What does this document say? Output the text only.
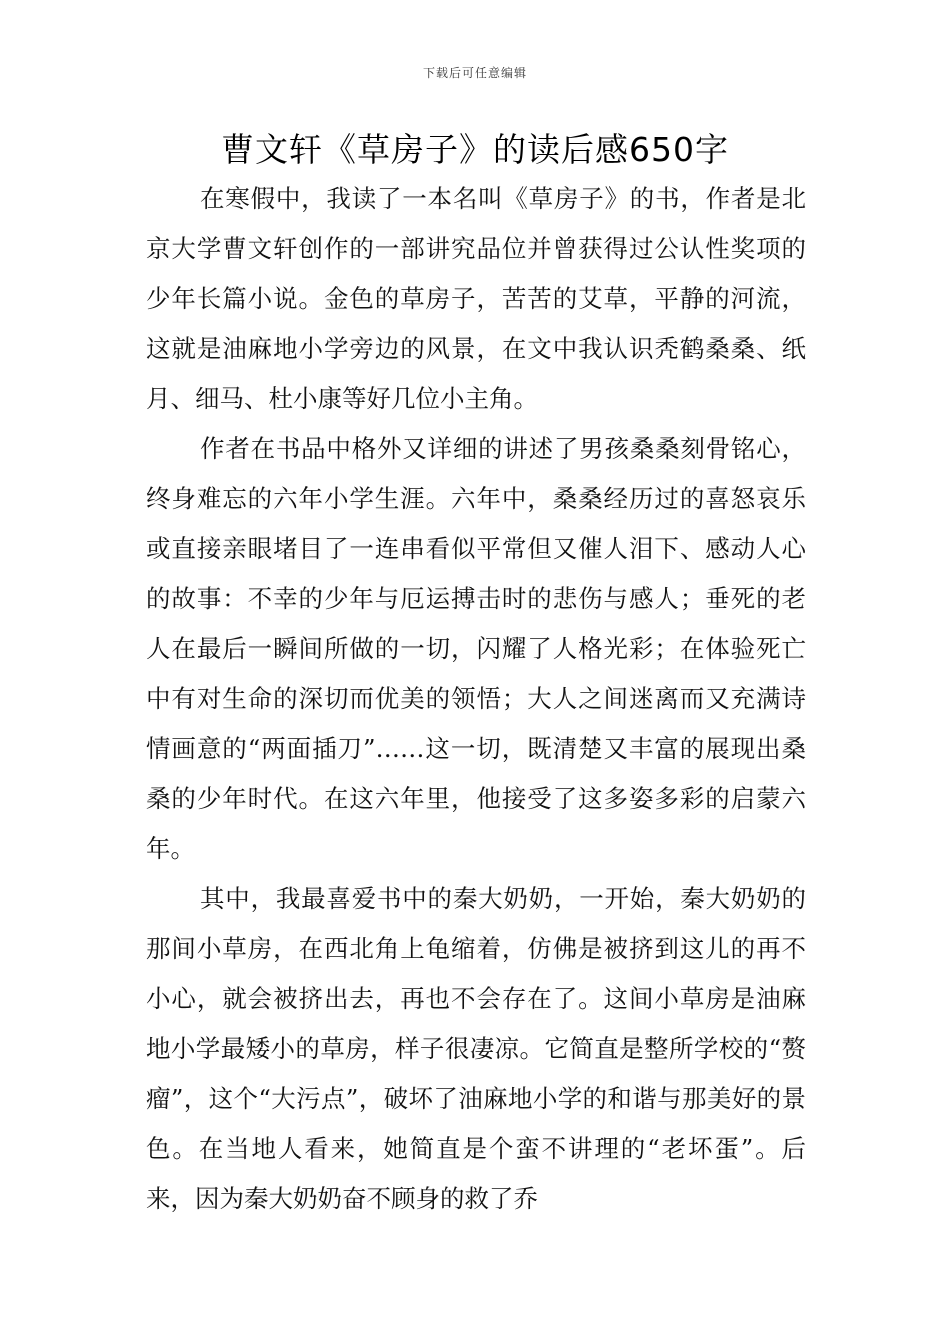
下载后可任意编辑
曹文轩《草房子》的读后感650字

在寒假中，我读了一本名叫《草房子》的书，作者是北京大学曹文轩创作的一部讲究品位并曾获得过公认性奖项的少年长篇小说。金色的草房子，苦苦的艾草，平静的河流，这就是油麻地小学旁边的风景，在文中我认识秃鹤桑桑、纸月、细马、杜小康等好几位小主角。

作者在书品中格外又详细的讲述了男孩桑桑刻骨铭心，终身难忘的六年小学生涯。六年中，桑桑经历过的喜怒哀乐或直接亲眼堵目了一连串看似平常但又催人泪下、感动人心的故事：不幸的少年与厄运搏击时的悲伤与感人；垂死的老人在最后一瞬间所做的一切，闪耀了人格光彩；在体验死亡中有对生命的深切而优美的领悟；大人之间迷离而又充满诗情画意的“两面插刀”……这一切，既清楚又丰富的展现出桑桑的少年时代。在这六年里，他接受了这多姿多彩的启蒙六年。

其中，我最喜爱书中的秦大奶奶，一开始，秦大奶奶的那间小草房，在西北角上龟缩着，仿佛是被挤到这儿的再不小心，就会被挤出去，再也不会存在了。这间小草房是油麻地小学最矮小的草房，样子很凄凉。它简直是整所学校的“赘瘤”，这个“大污点”，破坏了油麻地小学的和谐与那美好的景色。在当地人看来，她简直是个蛮不讲理的“老坏蛋”。后来，因为秦大奶奶奋不顾身的救了乔
